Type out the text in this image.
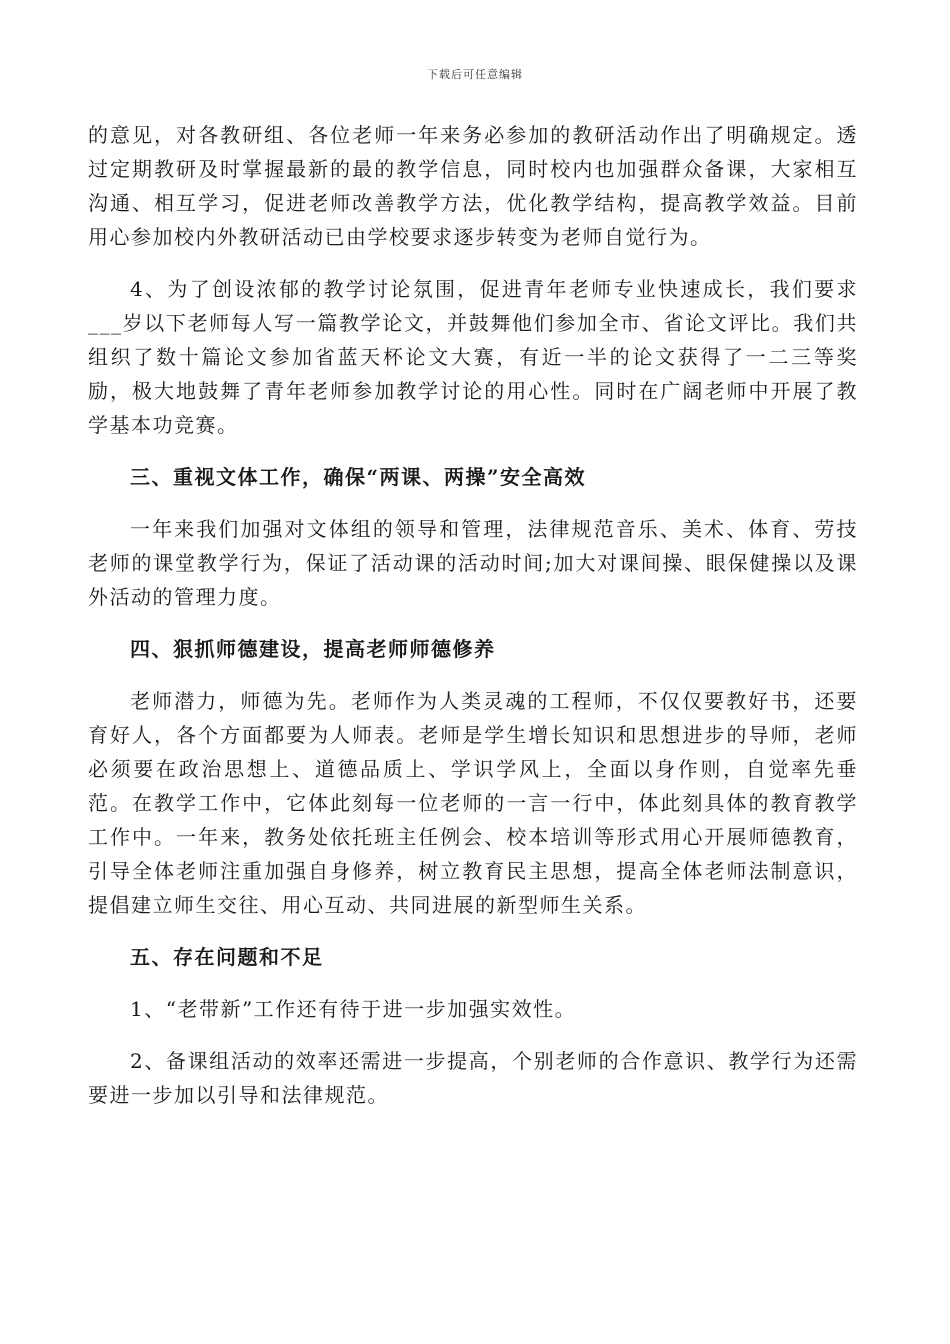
下载后可任意编辑

的意见，对各教研组、各位老师一年来务必参加的教研活动作出了明确规定。透过定期教研及时掌握最新的最的教学信息，同时校内也加强群众备课，大家相互沟通、相互学习，促进老师改善教学方法，优化教学结构，提高教学效益。目前用心参加校内外教研活动已由学校要求逐步转变为老师自觉行为。

4、为了创设浓郁的教学讨论氛围，促进青年老师专业快速成长，我们要求___岁以下老师每人写一篇教学论文，并鼓舞他们参加全市、省论文评比。我们共组织了数十篇论文参加省蓝天杯论文大赛，有近一半的论文获得了一二三等奖励，极大地鼓舞了青年老师参加教学讨论的用心性。同时在广阔老师中开展了教学基本功竞赛。

三、重视文体工作，确保“两课、两操”安全高效

一年来我们加强对文体组的领导和管理，法律规范音乐、美术、体育、劳技老师的课堂教学行为，保证了活动课的活动时间;加大对课间操、眼保健操以及课外活动的管理力度。

四、狠抓师德建设，提高老师师德修养

老师潜力，师德为先。老师作为人类灵魂的工程师，不仅仅要教好书，还要育好人，各个方面都要为人师表。老师是学生增长知识和思想进步的导师，老师必须要在政治思想上、道德品质上、学识学风上，全面以身作则，自觉率先垂范。在教学工作中，它体此刻每一位老师的一言一行中，体此刻具体的教育教学工作中。一年来，教务处依托班主任例会、校本培训等形式用心开展师德教育，引导全体老师注重加强自身修养，树立教育民主思想，提高全体老师法制意识，提倡建立师生交往、用心互动、共同进展的新型师生关系。

五、存在问题和不足

1、“老带新”工作还有待于进一步加强实效性。

2、备课组活动的效率还需进一步提高，个别老师的合作意识、教学行为还需要进一步加以引导和法律规范。
